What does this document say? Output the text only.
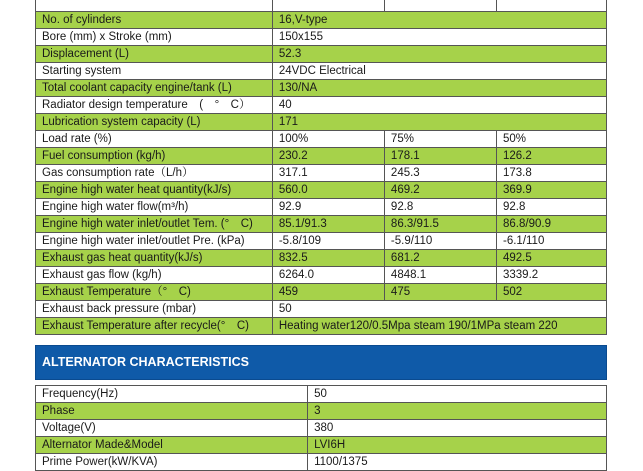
No. of cylinders	16,V-type		
Bore (mm) x Stroke (mm)	150x155		
Displacement (L)	52.3		
Starting system	24VDC Electrical		
Total coolant capacity engine/tank (L)	130/NA		
Radiator design temperature　(　°　C）	40		
Lubrication system capacity (L)	171		
Load rate (%)	100%	75%	50%
Fuel consumption (kg/h)	230.2	178.1	126.2
Gas consumption rate（L/h）	317.1	245.3	173.8
Engine high water heat quantity(kJ/s)	560.0	469.2	369.9
Engine high water flow(m³/h)	92.9	92.8	92.8
Engine high water inlet/outlet Tem. (°　C)	85.1/91.3	86.3/91.5	86.8/90.9
Engine high water inlet/outlet Pre. (kPa)	-5.8/109	-5.9/110	-6.1/110
Exhaust gas heat quantity(kJ/s)	832.5	681.2	492.5
Exhaust gas flow (kg/h)	6264.0	4848.1	3339.2
Exhaust Temperature（°　C)	459	475	502
Exhaust back pressure (mbar)	50		
Exhaust Temperature after recycle(°　C)	Heating water120/0.5Mpa steam 190/1MPa steam 220		
ALTERNATOR CHARACTERISTICS
Frequency(Hz)	50
Phase	3
Voltage(V)	380
Alternator Made&Model	LVI6H
Prime Power(kW/KVA)	1100/1375
